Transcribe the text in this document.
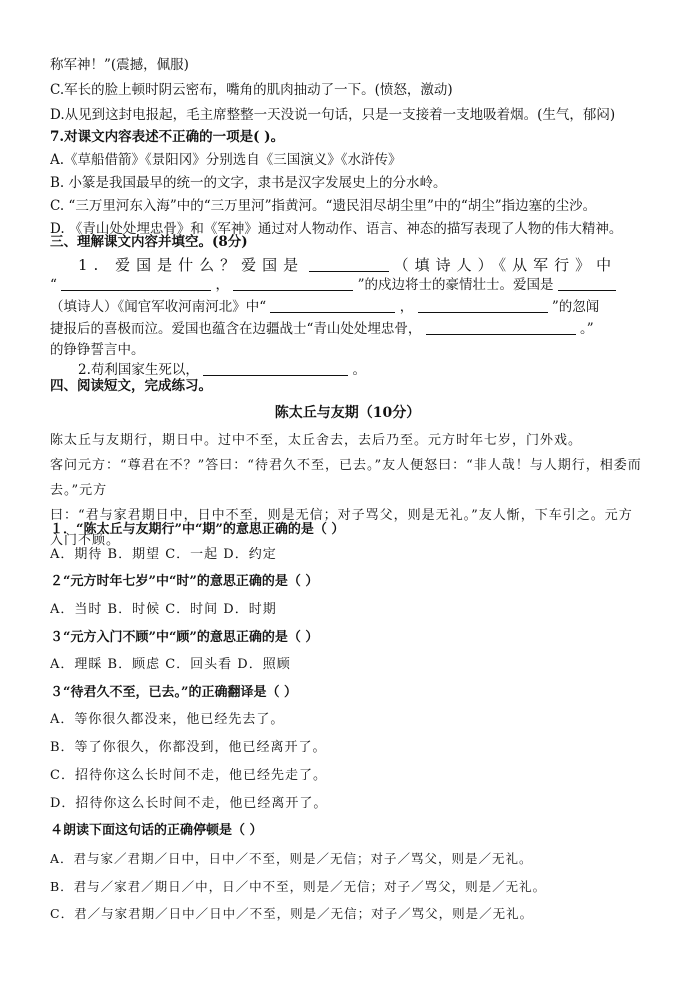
称军神！”(震撼，佩服)
C.军长的脸上顿时阴云密布，嘴角的肌肉抽动了一下。(愤怒，激动)
D.从见到这封电报起，毛主席整整一天没说一句话，只是一支接着一支地吸着烟。(生气，郁闷)
7.对课文内容表述不正确的一项是( )。
A.《草船借箭》《景阳冈》分别选自《三国演义》《水浒传》
B. 小篆是我国最早的统一的文字，隶书是汉字发展史上的分水岭。
C. “三万里河东入海”中的“三万里河”指黄河。“遗民泪尽胡尘里”中的“胡尘”指边塞的尘沙。
D. 《青山处处埋忠骨》和《军神》通过对人物动作、语言、神态的描写表现了人物的伟大精神。
三、理解课文内容并填空。(8分)
1. 爱国是什么？爱国是	（填诗人）《从军行》中
“	，	”的戍边将士的豪情壮士。爱国是
（填诗人）《闻官军收河南河北》中“	，	”的忽闻
捷报后的喜极而泣。爱国也蕴含在边疆战士“青山处处埋忠骨，	。”
的铮铮誓言中。
2.苟利国家生死以，	。
四、阅读短文，完成练习。
陈太丘与友期（10分）

陈太丘与友期行，期日中。过中不至，太丘舍去，去后乃至。元方时年七岁，门外戏。

客问元方：“尊君在不？”答曰：“待君久不至，已去。”友人便怒曰：“非人哉！与人期行，相委而去。”元方

曰：“君与家君期日中，日中不至，则是无信；对子骂父，则是无礼。”友人惭，下车引之。元方

入门不顾。

１．“陈太丘与友期行”中“期”的意思正确的是（ ）
A．期待 B．期望 C．一起 D．约定
２“元方时年七岁”中“时”的意思正确的是（ ）
A．当时 B．时候 C．时间 D．时期
３“元方入门不顾”中“顾”的意思正确的是（ ）
A．理睬 B．顾虑 C．回头看 D．照顾
３“待君久不至，已去。”的正确翻译是（ ）
A．等你很久都没来，他已经先去了。
B．等了你很久，你都没到，他已经离开了。
C．招待你这么长时间不走，他已经先走了。
D．招待你这么长时间不走，他已经离开了。
４朗读下面这句话的正确停顿是（ ）
A．君与家／君期／日中，日中／不至，则是／无信；对子／骂父，则是／无礼。
B．君与／家君／期日／中，日／中不至，则是／无信；对子／骂父，则是／无礼。
C．君／与家君期／日中／日中／不至，则是／无信；对子／骂父，则是／无礼。
